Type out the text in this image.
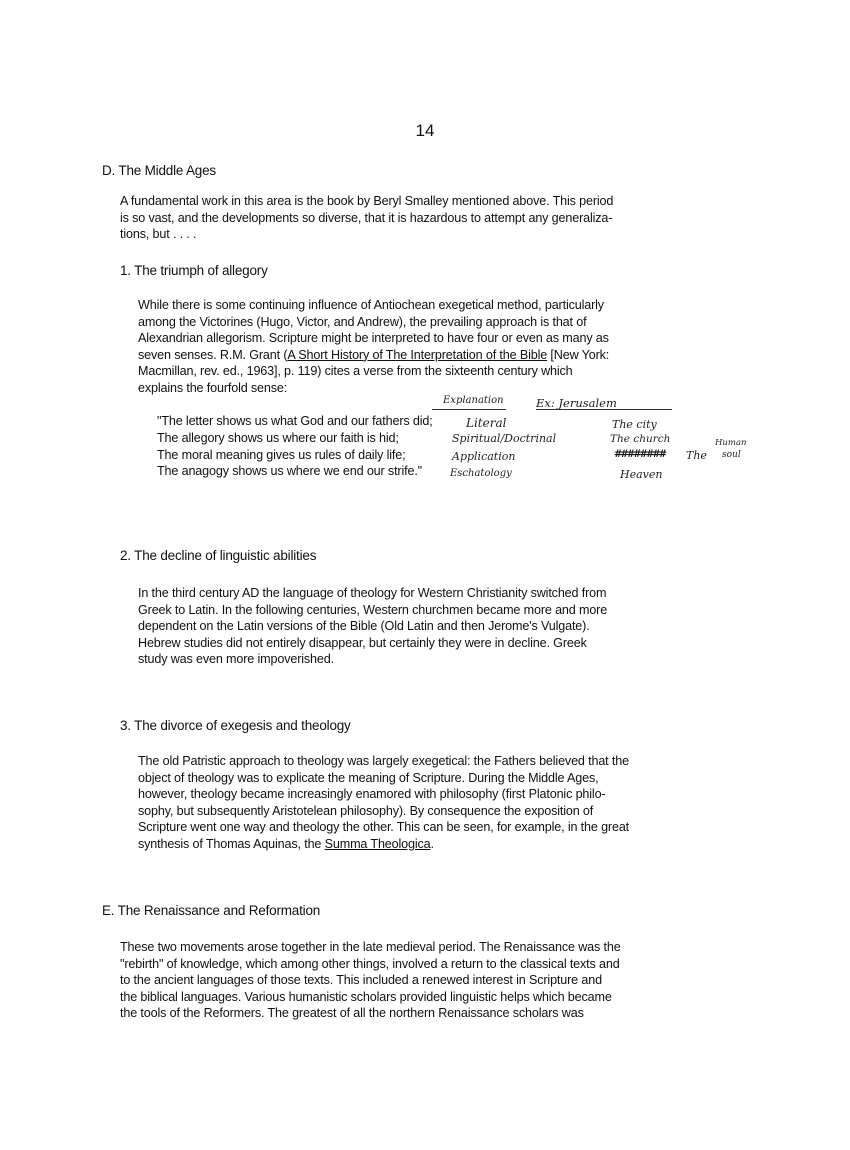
14
D. The Middle Ages
A fundamental work in this area is the book by Beryl Smalley mentioned above. This period
is so vast, and the developments so diverse, that it is hazardous to attempt any generaliza-
tions, but . . . .
1. The triumph of allegory
While there is some continuing influence of Antiochean exegetical method, particularly
among the Victorines (Hugo, Victor, and Andrew), the prevailing approach is that of
Alexandrian allegorism. Scripture might be interpreted to have four or even as many as
seven senses. R.M. Grant (A Short History of The Interpretation of the Bible [New York:
Macmillan, rev. ed., 1963], p. 119) cites a verse from the sixteenth century which
explains the fourfold sense:
"The letter shows us what God and our fathers did;
The allegory shows us where our faith is hid;
The moral meaning gives us rules of daily life;
The anagogy shows us where we end our strife."
Explanation	Ex: Jerusalem
Literal
Spiritual/Doctrinal
Application
Eschatology
The city
The church
######## The
Human
soul
Heaven
2. The decline of linguistic abilities
In the third century AD the language of theology for Western Christianity switched from
Greek to Latin. In the following centuries, Western churchmen became more and more
dependent on the Latin versions of the Bible (Old Latin and then Jerome's Vulgate).
Hebrew studies did not entirely disappear, but certainly they were in decline. Greek
study was even more impoverished.
3. The divorce of exegesis and theology
The old Patristic approach to theology was largely exegetical: the Fathers believed that the
object of theology was to explicate the meaning of Scripture. During the Middle Ages,
however, theology became increasingly enamored with philosophy (first Platonic philo-
sophy, but subsequently Aristotelean philosophy). By consequence the exposition of
Scripture went one way and theology the other. This can be seen, for example, in the great
synthesis of Thomas Aquinas, the Summa Theologica.
E. The Renaissance and Reformation
These two movements arose together in the late medieval period. The Renaissance was the
"rebirth" of knowledge, which among other things, involved a return to the classical texts and
to the ancient languages of those texts. This included a renewed interest in Scripture and
the biblical languages. Various humanistic scholars provided linguistic helps which became
the tools of the Reformers. The greatest of all the northern Renaissance scholars was
